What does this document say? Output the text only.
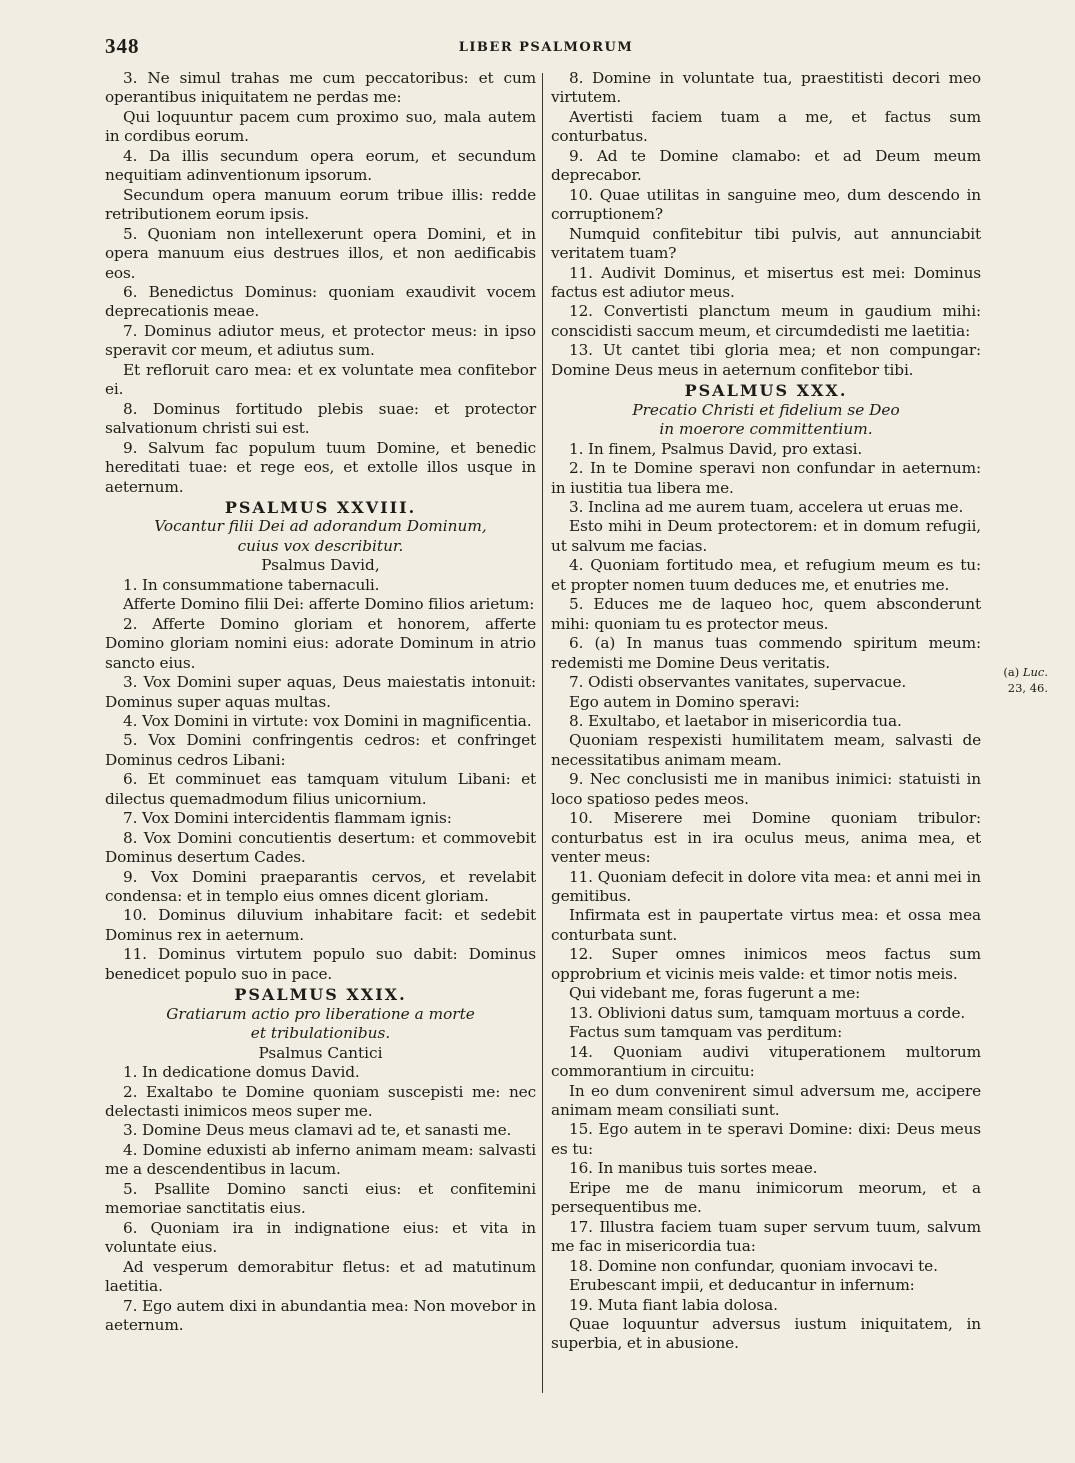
348	LIBER PSALMORUM

3. Ne simul trahas me cum peccatoribus: et cum operantibus iniquitatem ne perdas me:

Qui loquuntur pacem cum proximo suo, mala autem in cordibus eorum.

4. Da illis secundum opera eorum, et secundum nequitiam adinventionum ipsorum.

Secundum opera manuum eorum tribue illis: redde retributionem eorum ipsis.

5. Quoniam non intellexerunt opera Domini, et in opera manuum eius destrues illos, et non aedificabis eos.

6. Benedictus Dominus: quoniam exaudivit vocem deprecationis meae.

7. Dominus adiutor meus, et protector meus: in ipso speravit cor meum, et adiutus sum.

Et refloruit caro mea: et ex voluntate mea confitebor ei.

8. Dominus fortitudo plebis suae: et protector salvationum christi sui est.

9. Salvum fac populum tuum Domine, et benedic hereditati tuae: et rege eos, et extolle illos usque in aeternum.

PSALMUS XXVIII.

Vocantur filii Dei ad adorandum Dominum,

cuius vox describitur.

Psalmus David,

1. In consummatione tabernaculi.

Afferte Domino filii Dei: afferte Domino filios arietum:

2. Afferte Domino gloriam et honorem, afferte Domino gloriam nomini eius: adorate Dominum in atrio sancto eius.

3. Vox Domini super aquas, Deus maiestatis intonuit: Dominus super aquas multas.

4. Vox Domini in virtute: vox Domini in magnificentia.

5. Vox Domini confringentis cedros: et confringet Dominus cedros Libani:

6. Et comminuet eas tamquam vitulum Libani: et dilectus quemadmodum filius unicornium.

7. Vox Domini intercidentis flammam ignis:

8. Vox Domini concutientis desertum: et commovebit Dominus desertum Cades.

9. Vox Domini praeparantis cervos, et revelabit condensa: et in templo eius omnes dicent gloriam.

10. Dominus diluvium inhabitare facit: et sedebit Dominus rex in aeternum.

11. Dominus virtutem populo suo dabit: Dominus benedicet populo suo in pace.

PSALMUS XXIX.

Gratiarum actio pro liberatione a morte

et tribulationibus.

Psalmus Cantici

1. In dedicatione domus David.

2. Exaltabo te Domine quoniam suscepisti me: nec delectasti inimicos meos super me.

3. Domine Deus meus clamavi ad te, et sanasti me.

4. Domine eduxisti ab inferno animam meam: salvasti me a descendentibus in lacum.

5. Psallite Domino sancti eius: et confitemini memoriae sanctitatis eius.

6. Quoniam ira in indignatione eius: et vita in voluntate eius.

Ad vesperum demorabitur fletus: et ad matutinum laetitia.

7. Ego autem dixi in abundantia mea: Non movebor in aeternum.

8. Domine in voluntate tua, praestitisti decori meo virtutem.

Avertisti faciem tuam a me, et factus sum conturbatus.

9. Ad te Domine clamabo: et ad Deum meum deprecabor.

10. Quae utilitas in sanguine meo, dum descendo in corruptionem?

Numquid confitebitur tibi pulvis, aut annunciabit veritatem tuam?

11. Audivit Dominus, et misertus est mei: Dominus factus est adiutor meus.

12. Convertisti planctum meum in gaudium mihi: conscidisti saccum meum, et circumdedisti me laetitia:

13. Ut cantet tibi gloria mea; et non compungar: Domine Deus meus in aeternum confitebor tibi.

PSALMUS XXX.

Precatio Christi et fidelium se Deo

in moerore committentium.

1. In finem, Psalmus David, pro extasi.

2. In te Domine speravi non confundar in aeternum: in iustitia tua libera me.

3. Inclina ad me aurem tuam, accelera ut eruas me.

Esto mihi in Deum protectorem: et in domum refugii, ut salvum me facias.

4. Quoniam fortitudo mea, et refugium meum es tu: et propter nomen tuum deduces me, et enutries me.

5. Educes me de laqueo hoc, quem absconderunt mihi: quoniam tu es protector meus.

6. (a) In manus tuas commendo spiritum meum: redemisti me Domine Deus veritatis.

7. Odisti observantes vanitates, supervacue.

Ego autem in Domino speravi:

8. Exultabo, et laetabor in misericordia tua.

Quoniam respexisti humilitatem meam, salvasti de necessitatibus animam meam.

9. Nec conclusisti me in manibus inimici: statuisti in loco spatioso pedes meos.

10. Miserere mei Domine quoniam tribulor: conturbatus est in ira oculus meus, anima mea, et venter meus:

11. Quoniam defecit in dolore vita mea: et anni mei in gemitibus.

Infirmata est in paupertate virtus mea: et ossa mea conturbata sunt.

12. Super omnes inimicos meos factus sum opprobrium et vicinis meis valde: et timor notis meis.

Qui videbant me, foras fugerunt a me:

13. Oblivioni datus sum, tamquam mortuus a corde.

Factus sum tamquam vas perditum:

14. Quoniam audivi vituperationem multorum commorantium in circuitu:

In eo dum convenirent simul adversum me, accipere animam meam consiliati sunt.

15. Ego autem in te speravi Domine: dixi: Deus meus es tu:

16. In manibus tuis sortes meae.

Eripe me de manu inimicorum meorum, et a persequentibus me.

17. Illustra faciem tuam super servum tuum, salvum me fac in misericordia tua:

18. Domine non confundar, quoniam invocavi te.

Erubescant impii, et deducantur in infernum:

19. Muta fiant labia dolosa.

Quae loquuntur adversus iustum iniquitatem, in superbia, et in abusione.

(a) Luc.
23, 46.
